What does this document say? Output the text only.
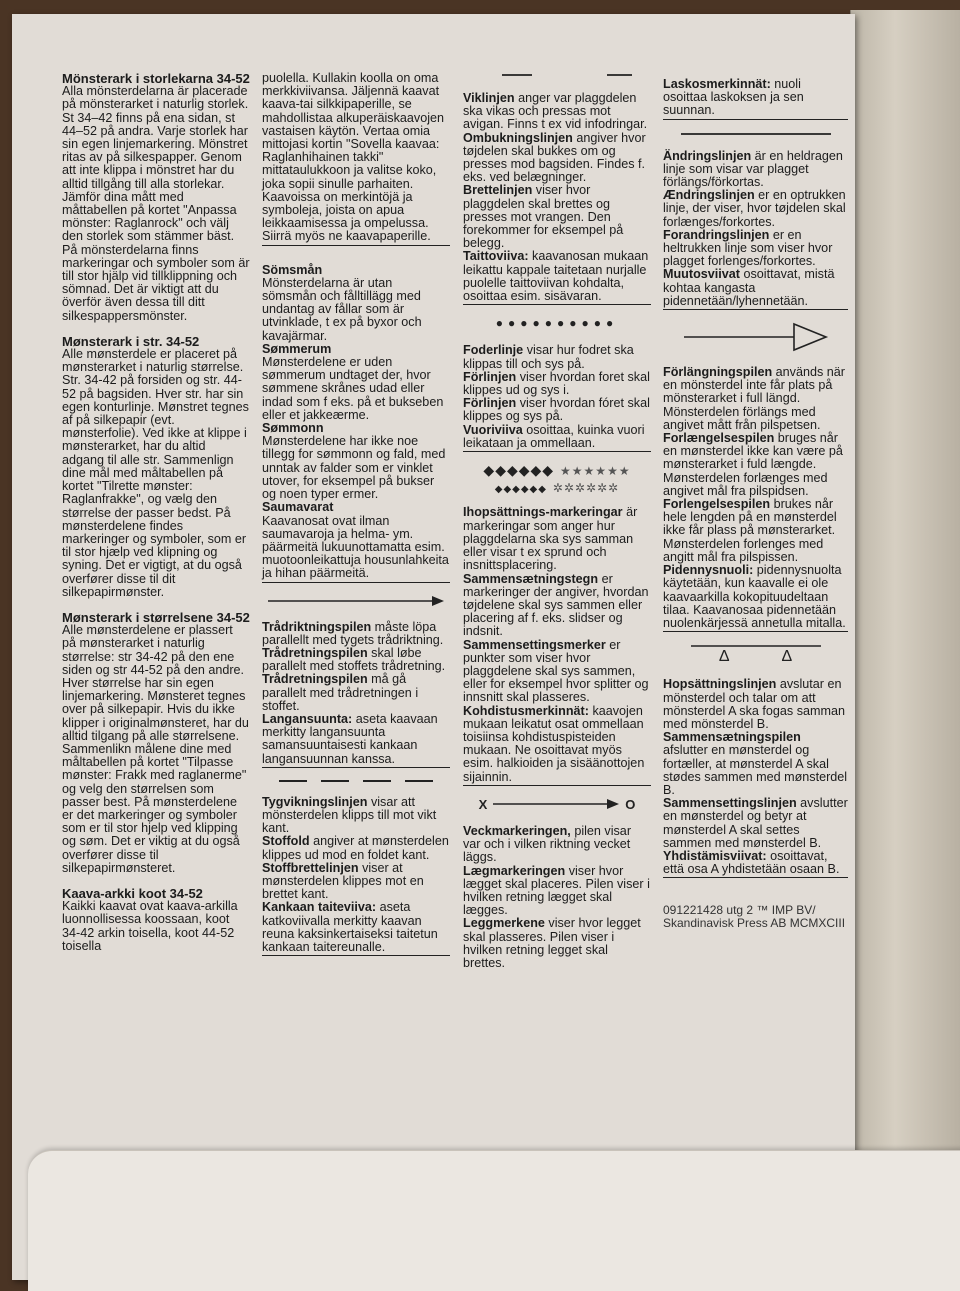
Mönsterark i storlekarna 34-52

Alla mönsterdelarna är placerade på mönsterarket i naturlig storlek. St 34–42 finns på ena sidan, st 44–52 på andra. Varje storlek har sin egen linjemarkering. Mönstret ritas av på silkespapper. Genom att inte klippa i mönstret har du alltid tillgång till alla storlekar. Jämför dina mått med måttabellen på kortet "Anpassa mönster: Raglanrock" och välj den storlek som stämmer bäst. På mönsterdelarna finns markeringar och symboler som är till stor hjälp vid tillklippning och sömnad. Det är viktigt att du överför även dessa till ditt silkespappersmönster.

Mønsterark i str. 34-52

Alle mønsterdele er placeret på mønsterarket i naturlig størrelse. Str. 34-42 på forsiden og str. 44-52 på bagsiden. Hver str. har sin egen konturlinje. Mønstret tegnes af på silkepapir (evt. mønsterfolie). Ved ikke at klippe i mønsterarket, har du altid adgang til alle str. Sammenlign dine mål med måltabellen på kortet "Tilrette mønster: Raglanfrakke", og vælg den størrelse der passer bedst. På mønsterdelene findes markeringer og symboler, som er til stor hjælp ved klipning og syning. Det er vigtigt, at du også overfører disse til dit silkepapirmønster.

Mønsterark i størrelsene 34-52

Alle mønsterdelene er plassert på mønsterarket i naturlig størrelse: str 34-42 på den ene siden og str 44-52 på den andre. Hver størrelse har sin egen linjemarkering. Mønsteret tegnes over på silkepapir. Hvis du ikke klipper i originalmønsteret, har du alltid tilgang på alle størrelsene. Sammenlikn målene dine med måltabellen på kortet "Tilpasse mønster: Frakk med raglanerme" og velg den størrelsen som passer best. På mønsterdelene er det markeringer og symboler som er til stor hjelp ved klipping og søm. Det er viktig at du også overfører disse til silkepapirmønsteret.

Kaava-arkki koot 34-52

Kaikki kaavat ovat kaava-arkilla luonnollisessa koossaan, koot 34-42 arkin toisella, koot 44-52 toisella

puolella. Kullakin koolla on oma merkkiviivansa. Jäljennä kaavat kaava-tai silkkipaperille, se mahdollistaa alkuperäiskaavojen vastaisen käytön. Vertaa omia mittojasi kortin "Sovella kaavaa: Raglanhihainen takki" mittataulukkoon ja valitse koko, joka sopii sinulle parhaiten. Kaavoissa on merkintöjä ja symboleja, joista on apua leikkaamisessa ja ompelussa. Siirrä myös ne kaavapaperille.

Sömsmån
Mönsterdelarna är utan sömsmån och fålltillägg med undantag av fållar som är utvinklade, t ex på byxor och kavajärmar.

Sømmerum
Mønsterdelene er uden sømmerum undtaget der, hvor sømmene skrånes udad eller indad som f eks. på et bukseben eller et jakkeærme.

Sømmonn
Mønsterdelene har ikke noe tillegg for sømmonn og fald, med unntak av falder som er vinklet utover, for eksempel på bukser og noen typer ermer.

Saumavarat
Kaavanosat ovat ilman saumavaroja ja helma- ym. päärmeitä lukuunottamatta esim. muotoonleikattuja housunlahkeita ja hihan päärmeitä.

Trådriktningspilen måste löpa parallellt med tygets trådriktning.

Trådretningspilen skal løbe parallelt med stoffets trådretning.

Trådretningspilen må gå parallelt med trådretningen i stoffet.

Langansuunta: aseta kaavaan merkitty langansuunta samansuuntaisesti kankaan langansuunnan kanssa.

Tygvikningslinjen visar att mönsterdelen klipps till mot vikt kant.

Stoffold angiver at mønsterdelen klippes ud mod en foldet kant.

Stoffbrettelinjen viser at mønsterdelen klippes mot en brettet kant.

Kankaan taiteviiva: aseta katkoviivalla merkitty kaavan reuna kaksinkertaiseksi taitetun kankaan taitereunalle.

Viklinjen anger var plaggdelen ska vikas och pressas mot avigan. Finns t ex vid infodringar.

Ombukningslinjen angiver hvor tøjdelen skal bukkes om og presses mod bagsiden. Findes f. eks. ved belægninger.

Brettelinjen viser hvor plaggdelen skal brettes og presses mot vrangen. Den forekommer for eksempel på belegg.

Taittoviiva: kaavanosan mukaan leikattu kappale taitetaan nurjalle puolelle taittoviivan kohdalta, osoittaa esim. sisävaran.

●●●●●●●●●●

Foderlinje visar hur fodret ska klippas till och sys på.

Förlinjen viser hvordan foret skal klippes ud og sys i.

Förlinjen viser hvordan fóret skal klippes og sys på.

Vuoriviiva osoittaa, kuinka vuori leikataan ja ommellaan.

◆◆◆◆◆◆ ★★★★★★
◆◆◆◆◆◆ ✲✲✲✲✲✲

Ihopsättnings-markeringar är markeringar som anger hur plaggdelarna ska sys samman eller visar t ex sprund och insnittsplacering.

Sammensætningstegn er markeringer der angiver, hvordan tøjdelene skal sys sammen eller placering af f. eks. slidser og indsnit.

Sammensettingsmerker er punkter som viser hvor plaggdelene skal sys sammen, eller for eksempel hvor splitter og innsnitt skal plasseres.

Kohdistusmerkinnät: kaavojen mukaan leikatut osat ommellaan toisiinsa kohdistuspisteiden mukaan. Ne osoittavat myös esim. halkioiden ja sisäänottojen sijainnin.

X	O

Veckmarkeringen, pilen visar var och i vilken riktning vecket läggs.

Lægmarkeringen viser hvor lægget skal placeres. Pilen viser i hvilken retning lægget skal lægges.

Leggmerkene viser hvor legget skal plasseres. Pilen viser i hvilken retning legget skal brettes.

Laskosmerkinnät: nuoli osoittaa laskoksen ja sen suunnan.

Ändringslinjen är en heldragen linje som visar var plagget förlängs/förkortas.

Ændringslinjen er en optrukken linje, der viser, hvor tøjdelen skal forlænges/forkortes.

Forandringslinjen er en heltrukken linje som viser hvor plagget forlenges/forkortes.

Muutosviivat osoittavat, mistä kohtaa kangasta pidennetään/lyhennetään.

Förlängningspilen används när en mönsterdel inte får plats på mönsterarket i full längd. Mönsterdelen förlängs med angivet mått från pilspetsen.

Forlængelsespilen bruges når en mønsterdel ikke kan være på mønsterarket i fuld længde. Mønsterdelen forlænges med angivet mål fra pilspidsen.

Forlengelsespilen brukes når hele lengden på en mønsterdel ikke får plass på mønsterarket. Mønsterdelen forlenges med angitt mål fra pilspissen.

Pidennysnuoli: pidennysnuolta käytetään, kun kaavalle ei ole kaavaarkilla kokopituudeltaan tilaa. Kaavanosaa pidennetään nuolenkärjessä annetulla mitalla.

Δ	Δ

Hopsättningslinjen avslutar en mönsterdel och talar om att mönsterdel A ska fogas samman med mönsterdel B.

Sammensætningspilen afslutter en mønsterdel og fortæller, at mønsterdel A skal stødes sammen med mønsterdel B.

Sammensettingslinjen avslutter en mønsterdel og betyr at mønsterdel A skal settes sammen med mønsterdel B.

Yhdistämisviivat: osoittavat, että osa A yhdistetään osaan B.

091221428 utg 2 ™ IMP BV/

Skandinavisk Press AB MCMXCIII
